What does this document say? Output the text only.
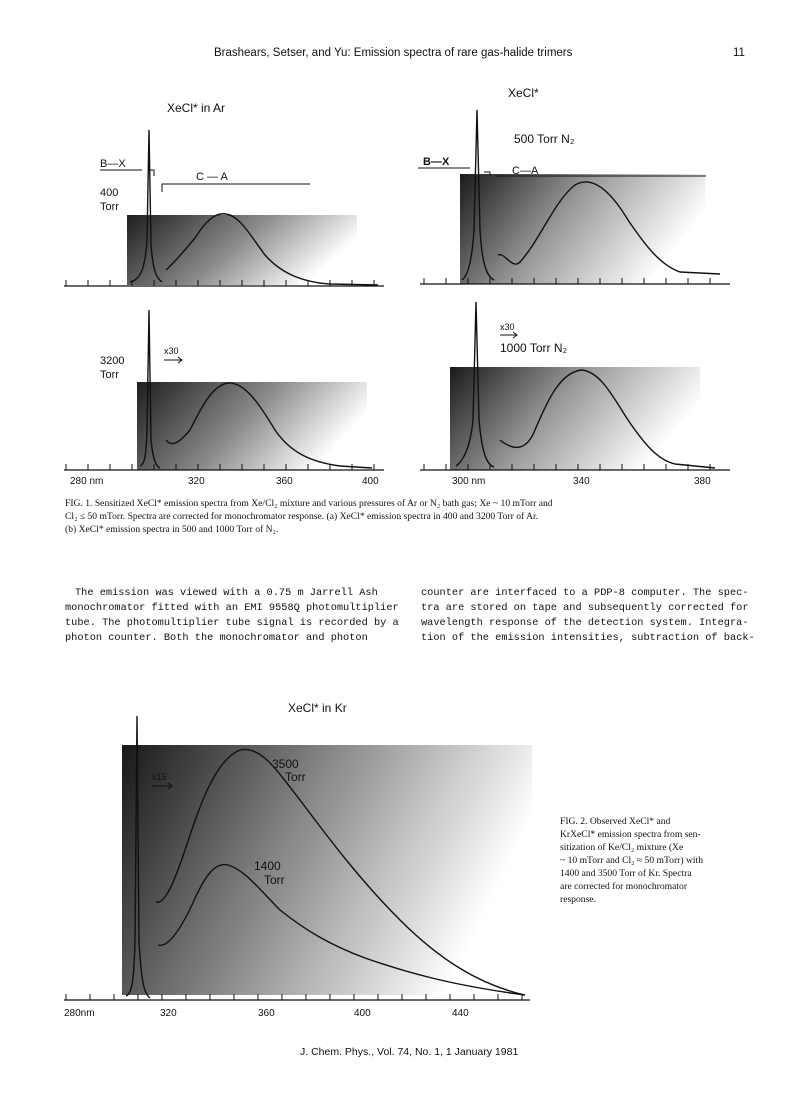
Brashears, Setser, and Yu: Emission spectra of rare gas-halide trimers	11
XeCl* in Ar
XeCl*
B—X
C — A
400
Torr
500 Torr N₂
B—X
C—A
3200
Torr
x30
x30
1000 Torr N₂
280 nm	320	360	400	300 nm	340	380
FIG. 1. Sensitized XeCl* emission spectra from Xe/Cl₂ mixture and various pressures of Ar or N₂ bath gas; Xe ~ 10 mTorr and
Cl₂ ≤ 50 mTorr. Spectra are corrected for monochromator response. (a) XeCl* emission spectra in 400 and 3200 Torr of Ar.
(b) XeCl* emission spectra in 500 and 1000 Torr of N₂.
The emission was viewed with a 0.75 m Jarrell Ash
monochromator fitted with an EMI 9558Q photomultiplier
tube. The photomultiplier tube signal is recorded by a
photon counter. Both the monochromator and photon
counter are interfaced to a PDP-8 computer. The spec-
tra are stored on tape and subsequently corrected for
wavelength response of the detection system. Integra-
tion of the emission intensities, subtraction of back-
XeCl* in Kr
x15
3500
Torr
1400
Torr
280nm	320	360	400	440
FIG. 2. Observed XeCl* and
KrXeCl* emission spectra from sen-
sitization of Ke/Cl₂ mixture (Xe
~ 10 mTorr and Cl₂ ≈ 50 mTorr) with
1400 and 3500 Torr of Kr. Spectra
are corrected for monochromator
response.
J. Chem. Phys., Vol. 74, No. 1, 1 January 1981
